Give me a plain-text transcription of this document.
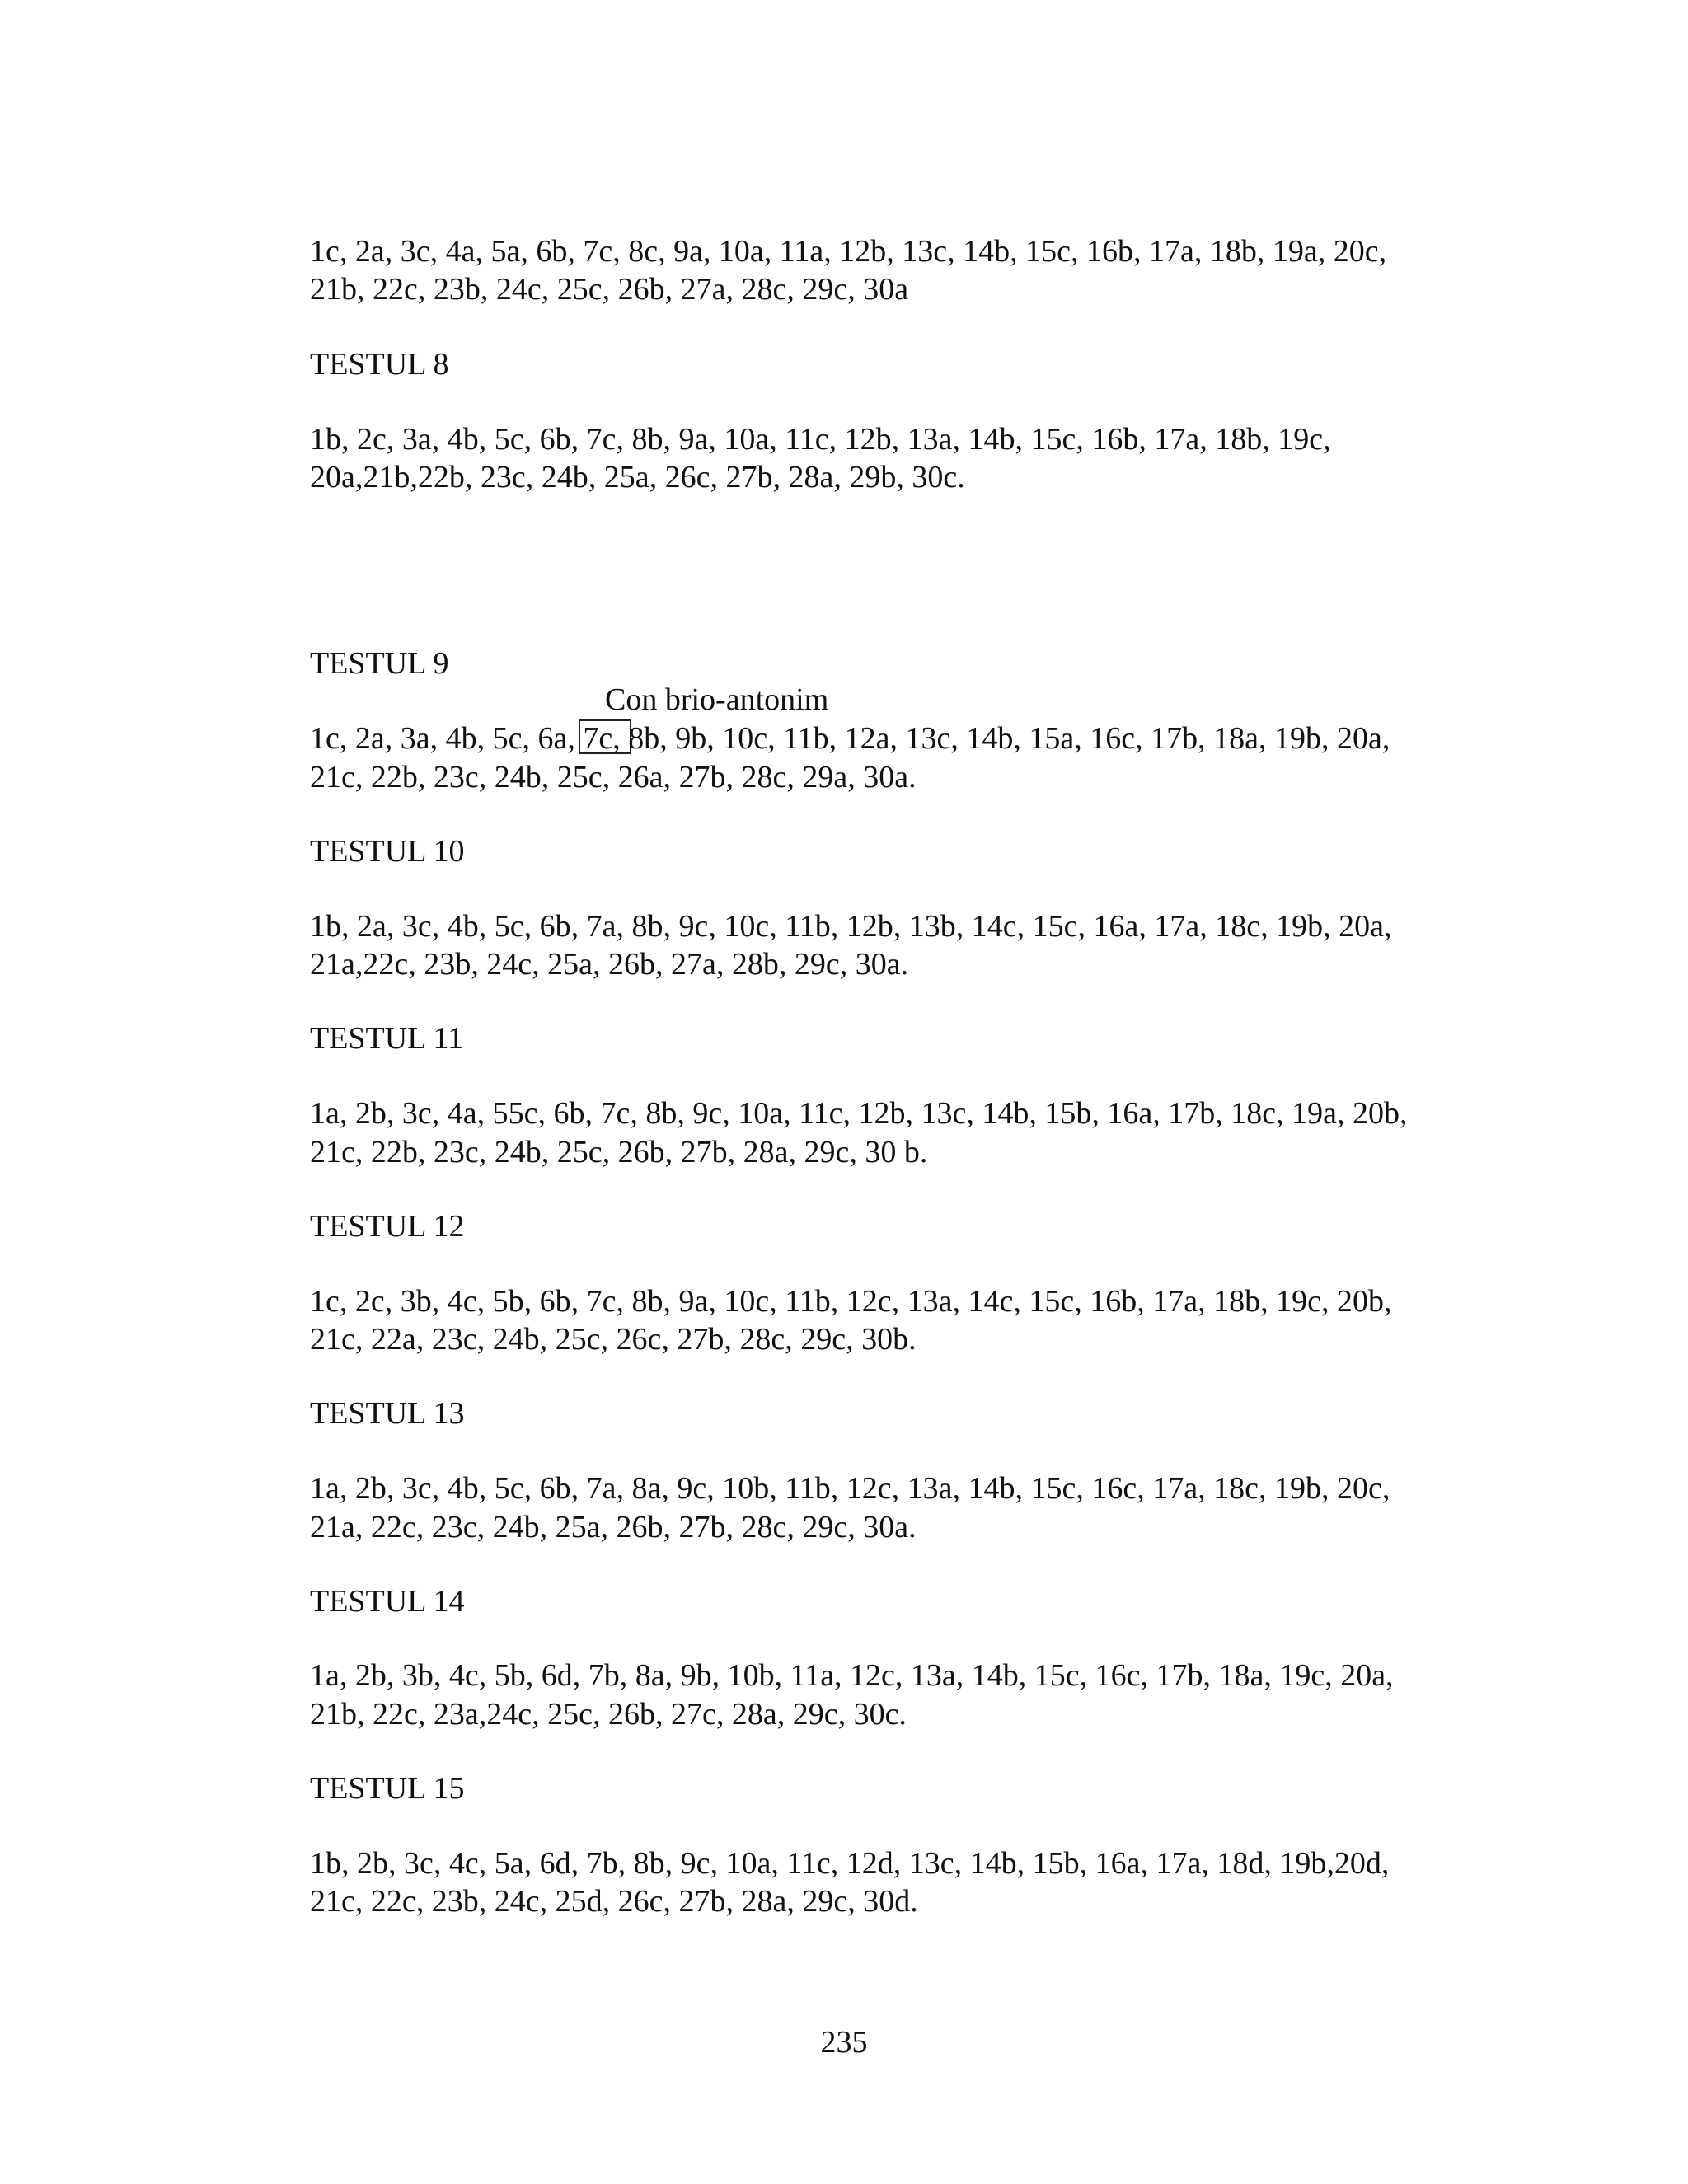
1c, 2a, 3c, 4a, 5a, 6b, 7c, 8c, 9a, 10a, 11a, 12b, 13c, 14b, 15c, 16b, 17a, 18b, 19a, 20c,
21b, 22c, 23b, 24c, 25c, 26b, 27a, 28c, 29c, 30a
TESTUL 8
1b, 2c, 3a, 4b, 5c, 6b, 7c, 8b, 9a, 10a, 11c, 12b, 13a, 14b, 15c, 16b, 17a, 18b, 19c,
20a,21b,22b, 23c, 24b, 25a, 26c, 27b, 28a, 29b, 30c.
TESTUL 9
Con brio-antonim
1c, 2a, 3a, 4b, 5c, 6a, 7c, 8b, 9b, 10c, 11b, 12a, 13c, 14b, 15a, 16c, 17b, 18a, 19b, 20a,
21c, 22b, 23c, 24b, 25c, 26a, 27b, 28c, 29a, 30a.
TESTUL 10
1b, 2a, 3c, 4b, 5c, 6b, 7a, 8b, 9c, 10c, 11b, 12b, 13b, 14c, 15c, 16a, 17a, 18c, 19b, 20a,
21a,22c, 23b, 24c, 25a, 26b, 27a, 28b, 29c, 30a.
TESTUL 11
1a, 2b, 3c, 4a, 55c, 6b, 7c, 8b, 9c, 10a, 11c, 12b, 13c, 14b, 15b, 16a, 17b, 18c, 19a, 20b,
21c, 22b, 23c, 24b, 25c, 26b, 27b, 28a, 29c, 30 b.
TESTUL 12
1c, 2c, 3b, 4c, 5b, 6b, 7c, 8b, 9a, 10c, 11b, 12c, 13a, 14c, 15c, 16b, 17a, 18b, 19c, 20b,
21c, 22a, 23c, 24b, 25c, 26c, 27b, 28c, 29c, 30b.
TESTUL 13
1a, 2b, 3c, 4b, 5c, 6b, 7a, 8a, 9c, 10b, 11b, 12c, 13a, 14b, 15c, 16c, 17a, 18c, 19b, 20c,
21a, 22c, 23c, 24b, 25a, 26b, 27b, 28c, 29c, 30a.
TESTUL 14
1a, 2b, 3b, 4c, 5b, 6d, 7b, 8a, 9b, 10b, 11a, 12c, 13a, 14b, 15c, 16c, 17b, 18a, 19c, 20a,
21b, 22c, 23a,24c, 25c, 26b, 27c, 28a, 29c, 30c.
TESTUL 15
1b, 2b, 3c, 4c, 5a, 6d, 7b, 8b, 9c, 10a, 11c, 12d, 13c, 14b, 15b, 16a, 17a, 18d, 19b,20d,
21c, 22c, 23b, 24c, 25d, 26c, 27b, 28a, 29c, 30d.
235
